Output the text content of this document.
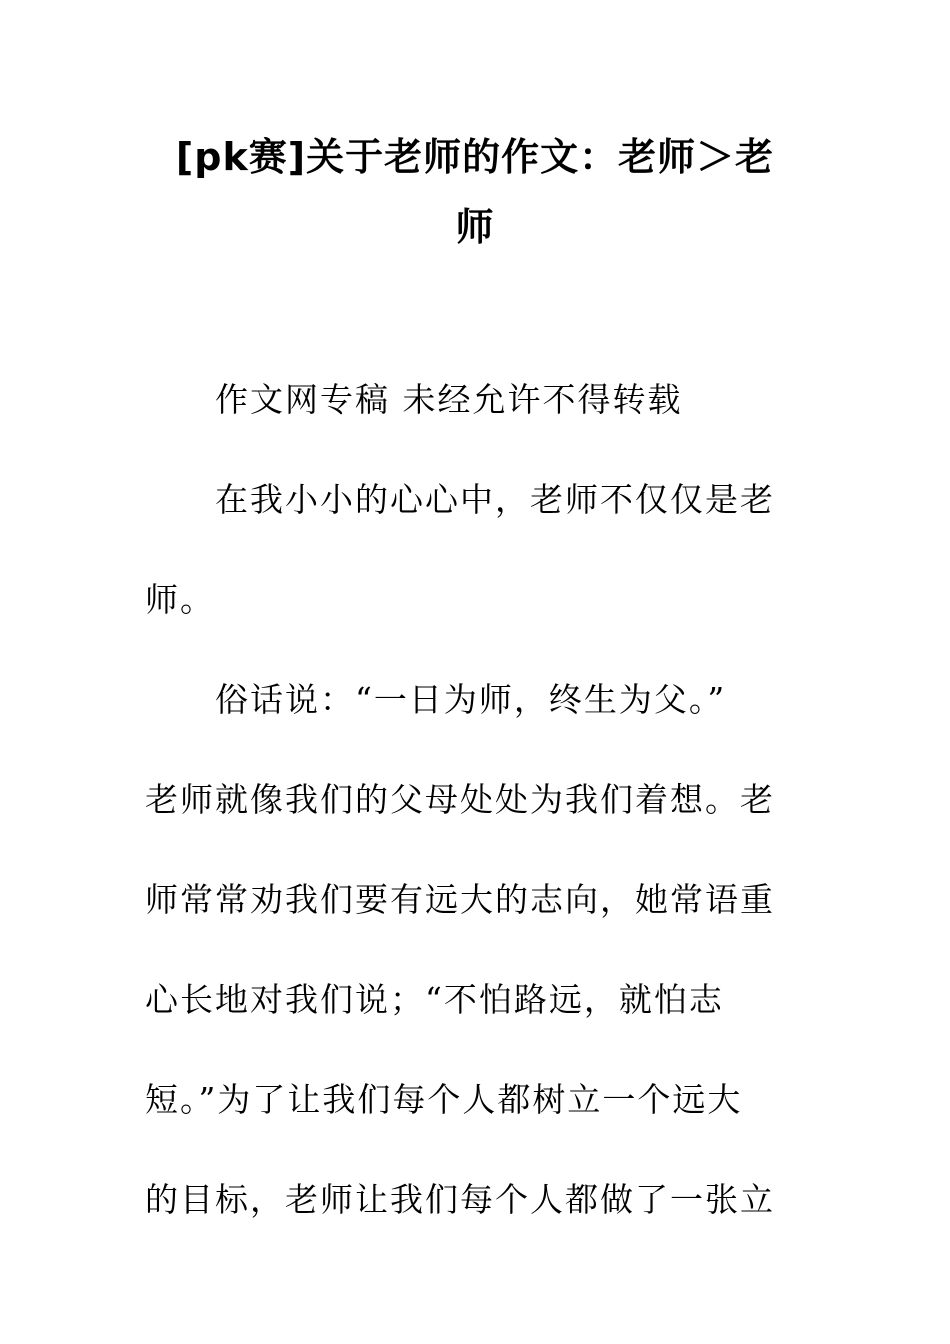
[pk赛]关于老师的作文：老师＞老
师
作文网专稿 未经允许不得转载
在我小小的心心中，老师不仅仅是老
师。
俗话说：“一日为师，终生为父。”
老师就像我们的父母处处为我们着想。老
师常常劝我们要有远大的志向，她常语重
心长地对我们说；“不怕路远，就怕志
短。”为了让我们每个人都树立一个远大
的目标，老师让我们每个人都做了一张立
